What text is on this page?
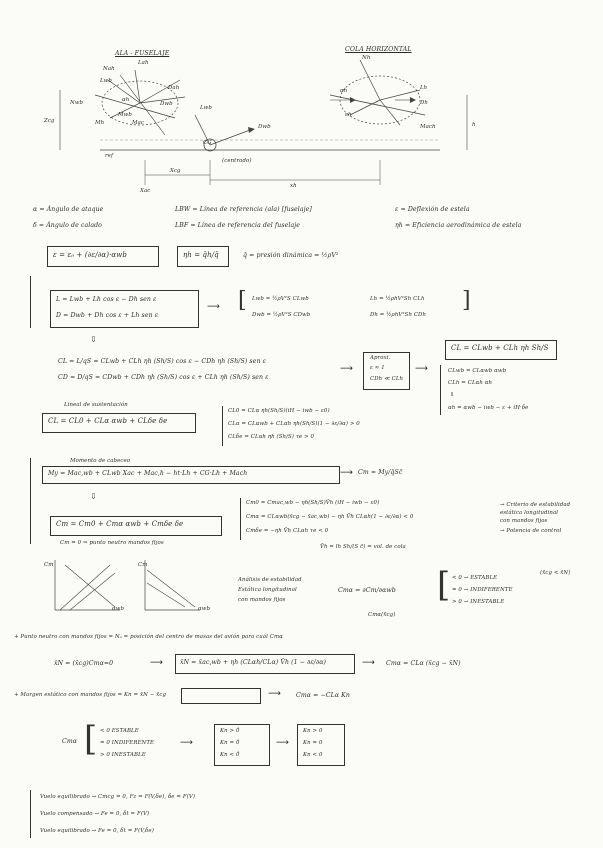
ALA - FUSELAJE
COLA HORIZONTAL
Nah
Lah
Dah
Nwb
Lwb
Mwb
Dwb
Mac
αh
Mh
Nh
Lh
Dh
αh
εh
Mach
Lwb
Dwb
Xcg
Zcg
Xac
xh
h
CG
ref
(centrado)
α = Ángulo de ataque	LBW = Línea de referencia (ala) [fuselaje]	ε = Deflexión de estela
δ = Ángulo de calado	LBF = Línea de referencia del fuselaje	ηh = Eficiencia aerodinámica de estela
ε = ε₀ + (∂ε/∂α)·αwb	ηh = q̄h/q̄	q̄ = presión dinámica = ½ρV²
L = Lwb + Lh cos ε − Dh sen ε
D = Dwb + Dh cos ε + Lh sen ε
⟶ [ Lwb = ½ρV²S CLwb
Dwb = ½ρV²S CDwb
Lh = ½ρhV²Sh CLh
Dh = ½ρhV²Sh CDh
]
⇩
CL = L/qS = CLwb + CLh ηh (Sh/S) cos ε − CDh ηh (Sh/S) sen ε
CD = D/qS = CDwb + CDh ηh (Sh/S) cos ε + CLh ηh (Sh/S) sen ε
⟶
Aproxi.
ε ≈ 1
CDh ≪ CLh
⟶
CL = CLwb + CLh ηh Sh/S
CLwb = CLαwb αwb
CLh = CLαh αh
⇓
αh = αwb − iwb − ε + iH·δe
Lineal de sustentación
CL = CL0 + CLα αwb + CLδe δe
CL0 = CLα ηh(Sh/S)(iH − iwb − ε0)
CLα = CLαwb + CLαh ηh(Sh/S)(1 − ∂ε/∂α) > 0
CLδe = CLαh ηh (Sh/S) τe > 0
Momento de cabeceo
My = Mac,wb + CLwb Xac + Mac,h − ht·Lh + CG·Lh + Mach	⟶ Cm = My/q̄Sc̄
⇩
Cm = Cm0 + Cmα αwb + Cmδe δe
Cm = 0 ⇒ punto neutro mandos fijos
Cm0 = Cmac,wb − ηh(Sh/S)V̄h (iH − iwb − ε0)
Cmα = CLαwb(x̄cg − x̄ac,wb) − ηh V̄h CLαh(1 − ∂ε/∂α) < 0
Cmδe = −ηh V̄h CLαh τe < 0
→ Criterio de estabilidad
estática longitudinal
con mandos fijos
→ Potencia de control
V̄h = lh Sh/(S c̄) = vol. de cola
Cm
αwb
Cm
αwb
Análisis de estabilidad
Estática longitudinal
con mandos fijos
Cmα = ∂Cm/∂αwb [ < 0 → ESTABLE
= 0 → INDIFERENTE
> 0 → INESTABLE
(x̄cg < x̄N)
Cmα(x̄cg)
+ Punto neutro con mandos fijos = Nₐ = posición del centro de masas del avión para cuál Cmα
x̄N = (x̄cg)Cmα=0	⟶	x̄N = x̄ac,wb + ηh (CLαh/CLα) V̄h (1 − ∂ε/∂α)	⟶ Cmα = CLα (x̄cg − x̄N)
+ Margen estático con mandos fijos = Kn = x̄N − x̄cg	⟶ Cmα = −CLα Kn
Cmα [ < 0 ESTABLE
= 0 INDIFERENTE
> 0 INESTABLE
⟶
Kn > 0̂
Kn = 0̂
Kn < 0̂
⟶
Kn > 0
Kn = 0
Kn < 0
Vuelo equilibrado → Cmcg = 0, Fz = F(V,δe), δe = F(V)
Vuelo compensado → Fe = 0, δt = F(V)
Vuelo equilibrado → Fe = 0, δt = F(V,δe)
